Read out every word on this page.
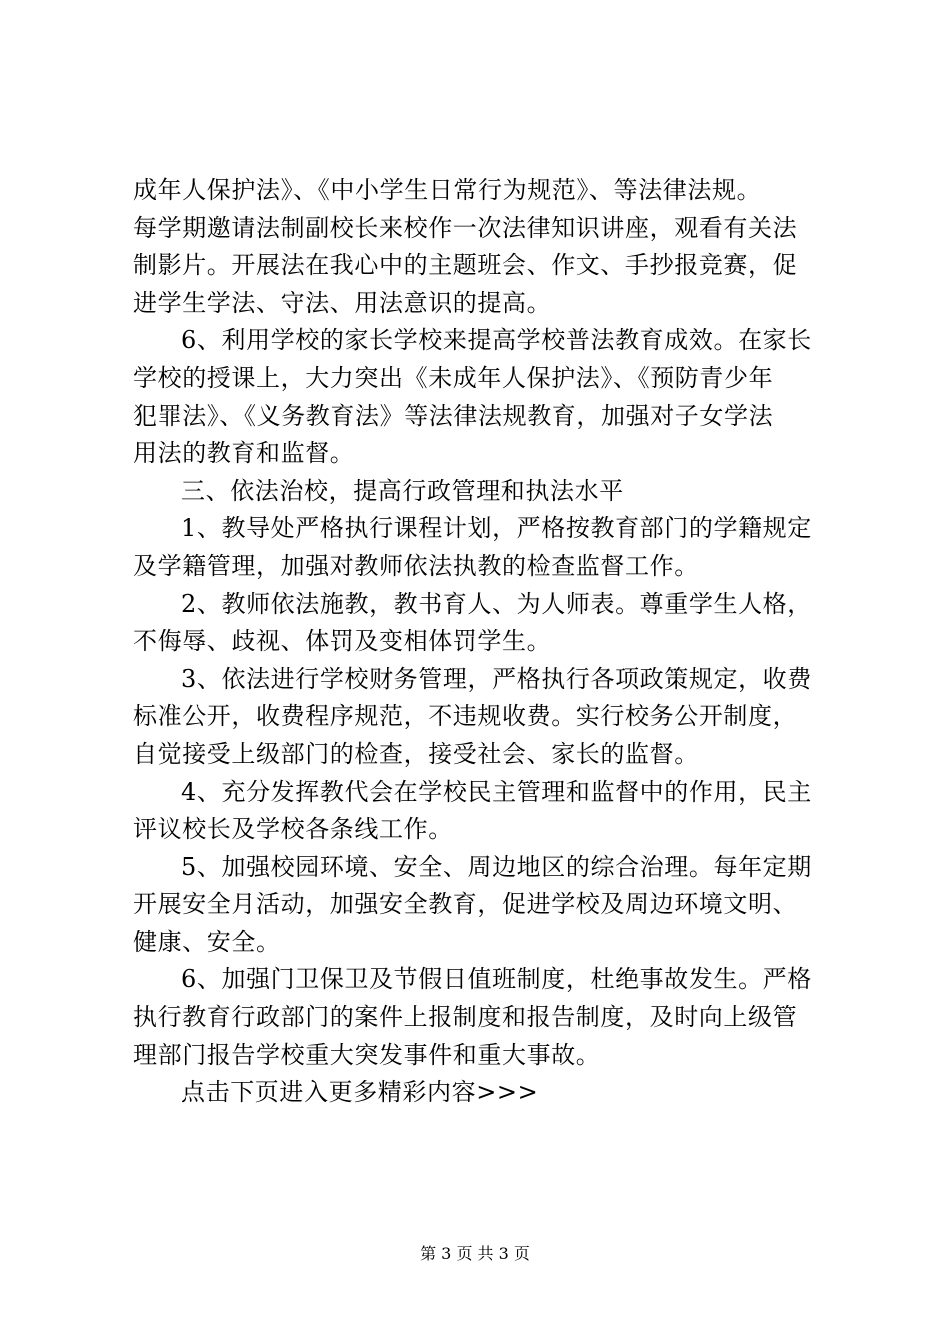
成年人保护法》、《中小学生日常行为规范》、等法律法规。
每学期邀请法制副校长来校作一次法律知识讲座，观看有关法
制影片。开展法在我心中的主题班会、作文、手抄报竞赛，促
进学生学法、守法、用法意识的提高。
6、利用学校的家长学校来提高学校普法教育成效。在家长
学校的授课上，大力突出《未成年人保护法》、《预防青少年
犯罪法》、《义务教育法》等法律法规教育，加强对子女学法
用法的教育和监督。
三、依法治校，提高行政管理和执法水平
1、教导处严格执行课程计划，严格按教育部门的学籍规定
及学籍管理，加强对教师依法执教的检查监督工作。
2、教师依法施教，教书育人、为人师表。尊重学生人格，
不侮辱、歧视、体罚及变相体罚学生。
3、依法进行学校财务管理，严格执行各项政策规定，收费
标准公开，收费程序规范，不违规收费。实行校务公开制度，
自觉接受上级部门的检查，接受社会、家长的监督。
4、充分发挥教代会在学校民主管理和监督中的作用，民主
评议校长及学校各条线工作。
5、加强校园环境、安全、周边地区的综合治理。每年定期
开展安全月活动，加强安全教育，促进学校及周边环境文明、
健康、安全。
6、加强门卫保卫及节假日值班制度，杜绝事故发生。严格
执行教育行政部门的案件上报制度和报告制度，及时向上级管
理部门报告学校重大突发事件和重大事故。
点击下页进入更多精彩内容>>>
第 3 页 共 3 页
